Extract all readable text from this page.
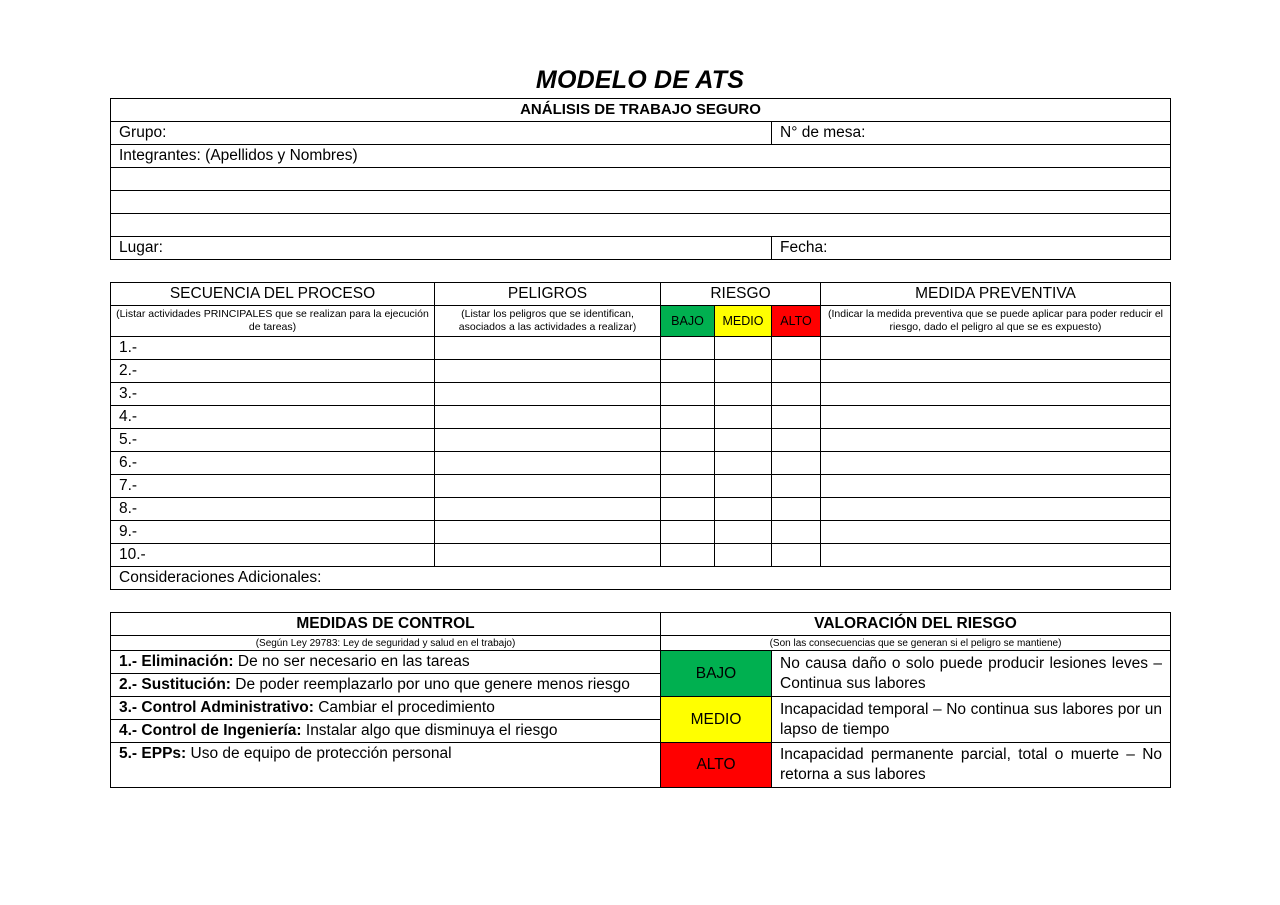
MODELO DE ATS
ANÁLISIS DE TRABAJO SEGURO	
Grupo:	N° de mesa:
Integrantes: (Apellidos y Nombres)	

Lugar:	Fecha:
SECUENCIA DEL PROCESO	PELIGROS	RIESGO			MEDIDA PREVENTIVA
(Listar actividades PRINCIPALES que se realizan para la ejecución de tareas)	(Listar los peligros que se identifican, asociados a las actividades a realizar)	BAJO	MEDIO	ALTO	(Indicar la medida preventiva que se puede aplicar para poder reducir el riesgo, dado el peligro al que se es expuesto)
1.-					
2.-					
3.-					
4.-					
5.-					
6.-					
7.-					
8.-					
9.-					
10.-					
Consideraciones Adicionales:					
MEDIDAS DE CONTROL	VALORACIÓN DEL RIESGO	
(Según Ley 29783: Ley de seguridad y salud en el trabajo)	(Son las consecuencias que se generan si el peligro se mantiene)	
1.- Eliminación: De no ser necesario en las tareas	BAJO	No causa daño o solo puede producir lesiones leves – Continua sus labores
2.- Sustitución: De poder reemplazarlo por uno que genere menos riesgo		
3.- Control Administrativo: Cambiar el procedimiento	MEDIO	Incapacidad temporal – No continua sus labores por un lapso de tiempo
4.- Control de Ingeniería: Instalar algo que disminuya el riesgo		
5.- EPPs: Uso de equipo de protección personal	ALTO	Incapacidad permanente parcial, total o muerte – No retorna a sus labores
